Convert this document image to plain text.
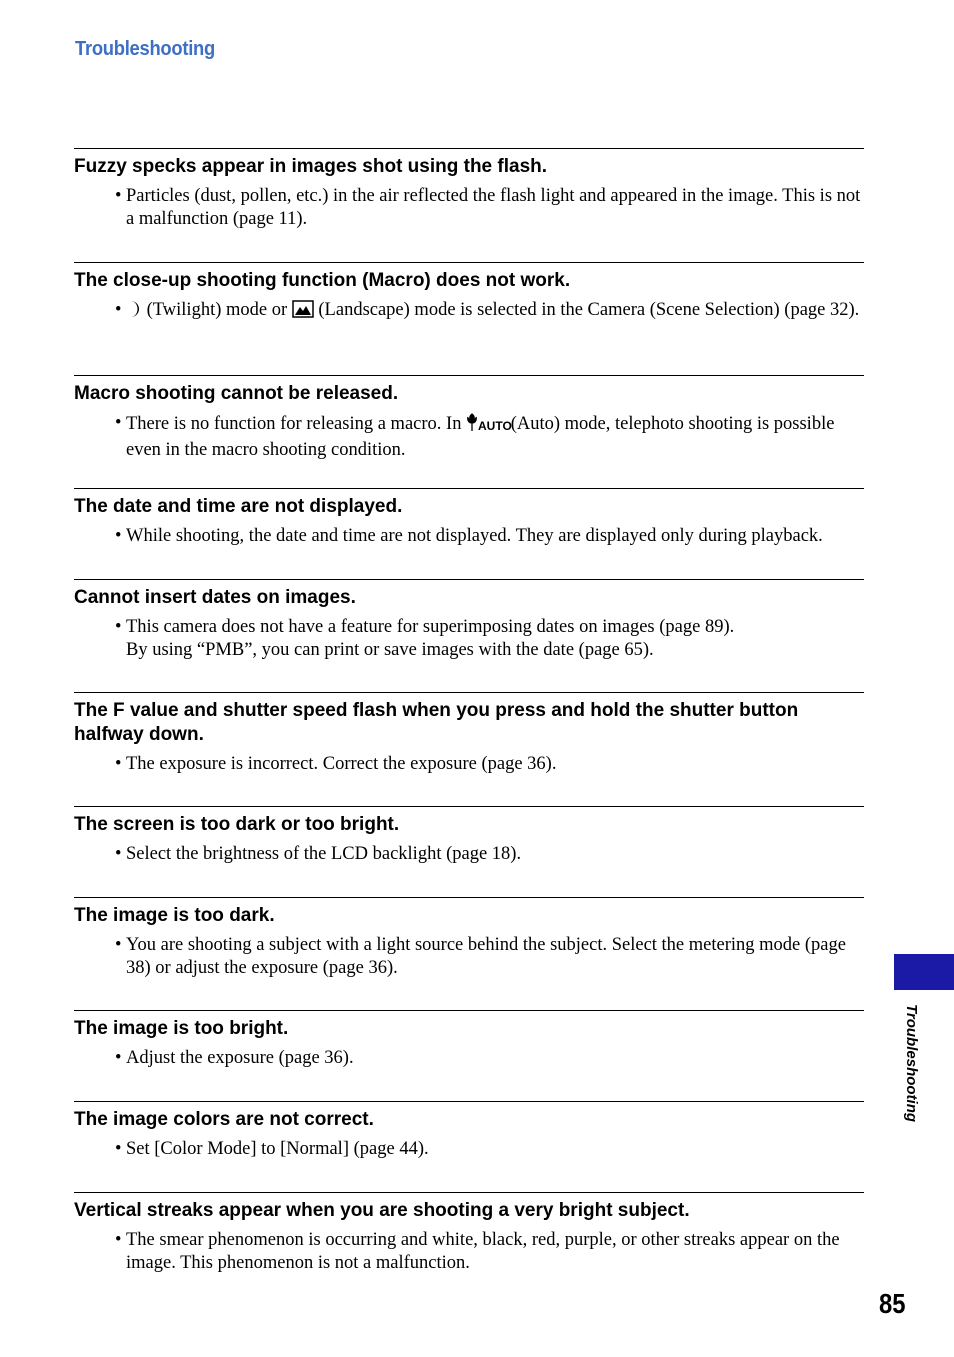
Troubleshooting
Fuzzy specks appear in images shot using the flash.
• Particles (dust, pollen, etc.) in the air reflected the flash light and appeared in the image. This is not a malfunction (page 11).
The close-up shooting function (Macro) does not work.
• (Twilight) mode or (Landscape) mode is selected in the Camera (Scene Selection) (page 32).
Macro shooting cannot be released.
• There is no function for releasing a macro. In AUTO
(Auto) mode, telephoto shooting is possible even in the macro shooting condition.
The date and time are not displayed.
• While shooting, the date and time are not displayed. They are displayed only during playback.
Cannot insert dates on images.
• This camera does not have a feature for superimposing dates on images (page 89).
By using “PMB”, you can print or save images with the date (page 65).
The F value and shutter speed flash when you press and hold the shutter button halfway down.
• The exposure is incorrect. Correct the exposure (page 36).
The screen is too dark or too bright.
• Select the brightness of the LCD backlight (page 18).
The image is too dark.
• You are shooting a subject with a light source behind the subject. Select the metering mode (page 38) or adjust the exposure (page 36).
The image is too bright.
• Adjust the exposure (page 36).
The image colors are not correct.
• Set [Color Mode] to [Normal] (page 44).
Vertical streaks appear when you are shooting a very bright subject.
• The smear phenomenon is occurring and white, black, red, purple, or other streaks appear on the image. This phenomenon is not a malfunction.
Troubleshooting
85
